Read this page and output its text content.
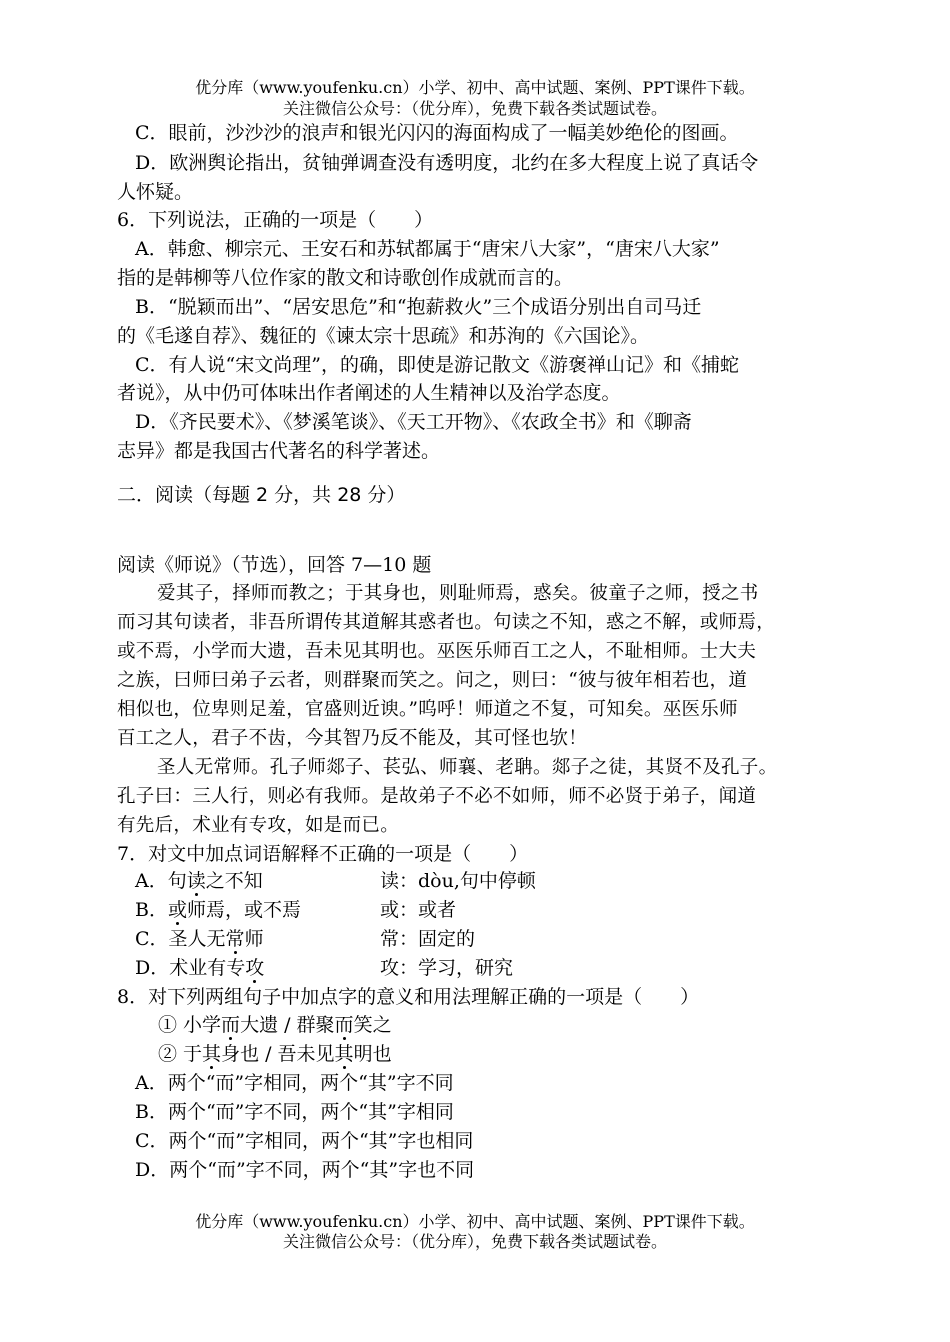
优分库（www.youfenku.cn）小学、初中、高中试题、案例、PPT课件下载。
关注微信公众号：（优分库），免费下载各类试题试卷。
C．眼前，沙沙沙的浪声和银光闪闪的海面构成了一幅美妙绝伦的图画。
D．欧洲舆论指出，贫铀弹调查没有透明度，北约在多大程度上说了真话令
人怀疑。
6．下列说法，正确的一项是（　　）
A．韩愈、柳宗元、王安石和苏轼都属于“唐宋八大家”，“唐宋八大家”
指的是韩柳等八位作家的散文和诗歌创作成就而言的。
B．“脱颖而出”、“居安思危”和“抱薪救火”三个成语分别出自司马迁
的《毛遂自荐》、魏征的《谏太宗十思疏》和苏洵的《六国论》。
C．有人说“宋文尚理”，的确，即使是游记散文《游褒禅山记》和《捕蛇
者说》，从中仍可体味出作者阐述的人生精神以及治学态度。
D．《齐民要术》、《梦溪笔谈》、《天工开物》、《农政全书》和《聊斋
志异》都是我国古代著名的科学著述。
二．阅读（每题 2 分，共 28 分）
阅读《师说》（节选），回答 7—10 题
爱其子，择师而教之；于其身也，则耻师焉，惑矣。彼童子之师，授之书
而习其句读者，非吾所谓传其道解其惑者也。句读之不知，惑之不解，或师焉，
或不焉，小学而大遗，吾未见其明也。巫医乐师百工之人，不耻相师。士大夫
之族，曰师曰弟子云者，则群聚而笑之。问之，则曰：“彼与彼年相若也，道
相似也，位卑则足羞，官盛则近谀。”呜呼！师道之不复，可知矣。巫医乐师
百工之人，君子不齿，今其智乃反不能及，其可怪也欤！
圣人无常师。孔子师郯子、苌弘、师襄、老聃。郯子之徒，其贤不及孔子。
孔子曰：三人行，则必有我师。是故弟子不必不如师，师不必贤于弟子，闻道
有先后，术业有专攻，如是而已。
7．对文中加点词语解释不正确的一项是（　　）
A．句读之不知	读：dòu,句中停顿
B．或师焉，或不焉	或：或者
C．圣人无常师	常：固定的
D．术业有专攻	攻：学习，研究
8．对下列两组句子中加点字的意义和用法理解正确的一项是（　　）
① 小学而大遗 / 群聚而笑之
② 于其身也 / 吾未见其明也
A．两个“而”字相同，两个“其”字不同
B．两个“而”字不同，两个“其”字相同
C．两个“而”字相同，两个“其”字也相同
D．两个“而”字不同，两个“其”字也不同
优分库（www.youfenku.cn）小学、初中、高中试题、案例、PPT课件下载。
关注微信公众号：（优分库），免费下载各类试题试卷。
